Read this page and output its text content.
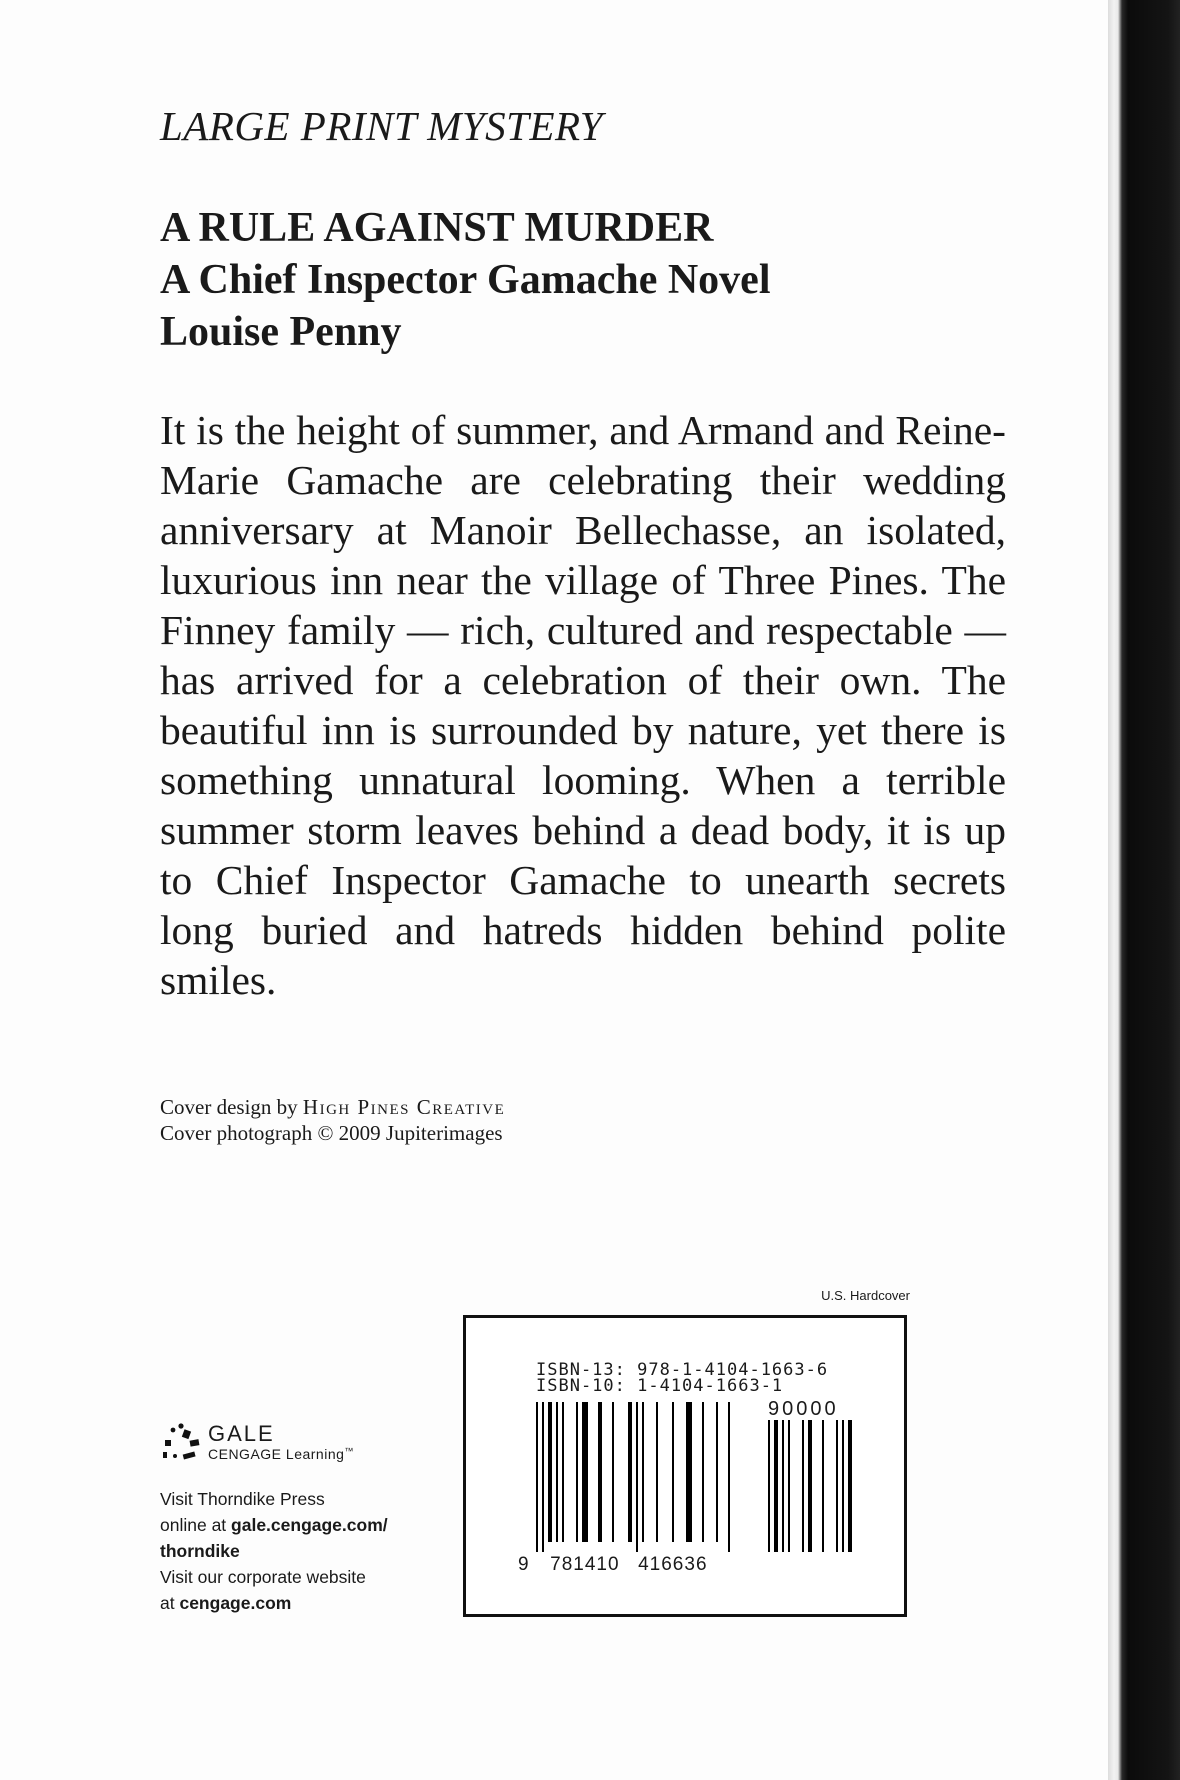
LARGE PRINT MYSTERY
A RULE AGAINST MURDER
A Chief Inspector Gamache Novel
Louise Penny
It is the height of summer, and Armand and Reine-Marie Gamache are celebrating their wedding anniversary at Manoir Bellechasse, an isolated, luxurious inn near the village of Three Pines. The Finney family — rich, cultured and respectable — has arrived for a celebration of their own. The beautiful inn is surrounded by nature, yet there is something unnatural looming. When a terrible summer storm leaves behind a dead body, it is up to Chief Inspector Gamache to unearth secrets long buried and hatreds hidden behind polite smiles.
Cover design by High Pines Creative
Cover photograph © 2009 Jupiterimages
U.S. Hardcover
ISBN-13: 978-1-4104-1663-6
ISBN-10: 1-4104-1663-1
90000
9 781410 416636
GALE
CENGAGE Learning™
Visit Thorndike Press
online at gale.cengage.com/
thorndike
Visit our corporate website
at cengage.com
